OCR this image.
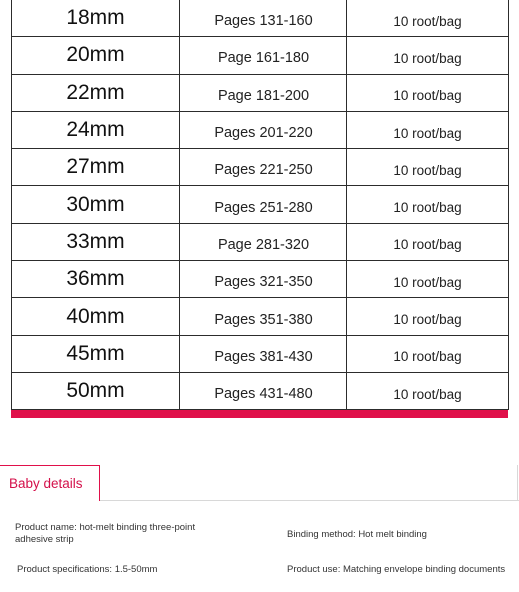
18mm	Pages 131-160	10 root/bag
20mm	Page 161-180	10 root/bag
22mm	Page 181-200	10 root/bag
24mm	Pages 201-220	10 root/bag
27mm	Pages 221-250	10 root/bag
30mm	Pages 251-280	10 root/bag
33mm	Page 281-320	10 root/bag
36mm	Pages 321-350	10 root/bag
40mm	Pages 351-380	10 root/bag
45mm	Pages 381-430	10 root/bag
50mm	Pages 431-480	10 root/bag
Baby details
Product name: hot-melt binding three-point adhesive strip	Binding method: Hot melt binding
Product specifications: 1.5-50mm	Product use: Matching envelope binding documents
